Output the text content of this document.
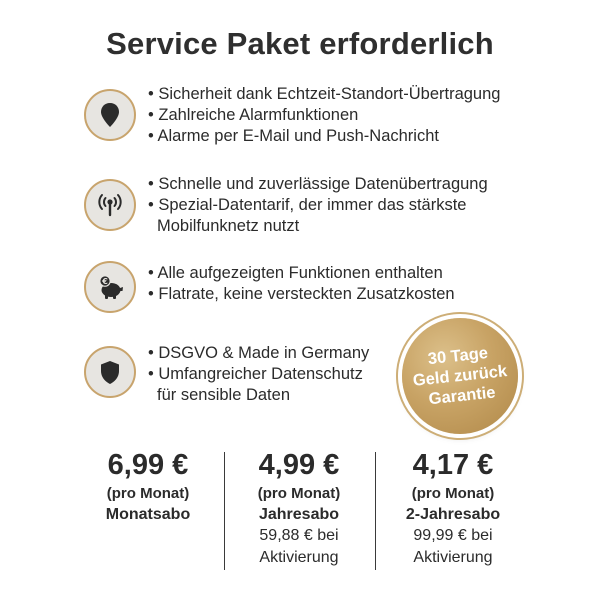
Service Paket erforderlich
• Sicherheit dank Echtzeit-Standort-Übertragung
• Zahlreiche Alarmfunktionen
• Alarme per E-Mail und Push-Nachricht
• Schnelle und zuverlässige Datenübertragung
• Spezial-Datentarif, der immer das stärkste
Mobilfunknetz nutzt
€ • Alle aufgezeigten Funktionen enthalten
• Flatrate, keine versteckten Zusatzkosten
• DSGVO & Made in Germany
• Umfangreicher Datenschutz
für sensible Daten
30 Tage
Geld zurück
Garantie
6,99 €
(pro Monat)
Monatsabo
4,99 €
(pro Monat)
Jahresabo
59,88 € bei
Aktivierung
4,17 €
(pro Monat)
2-Jahresabo
99,99 € bei
Aktivierung
